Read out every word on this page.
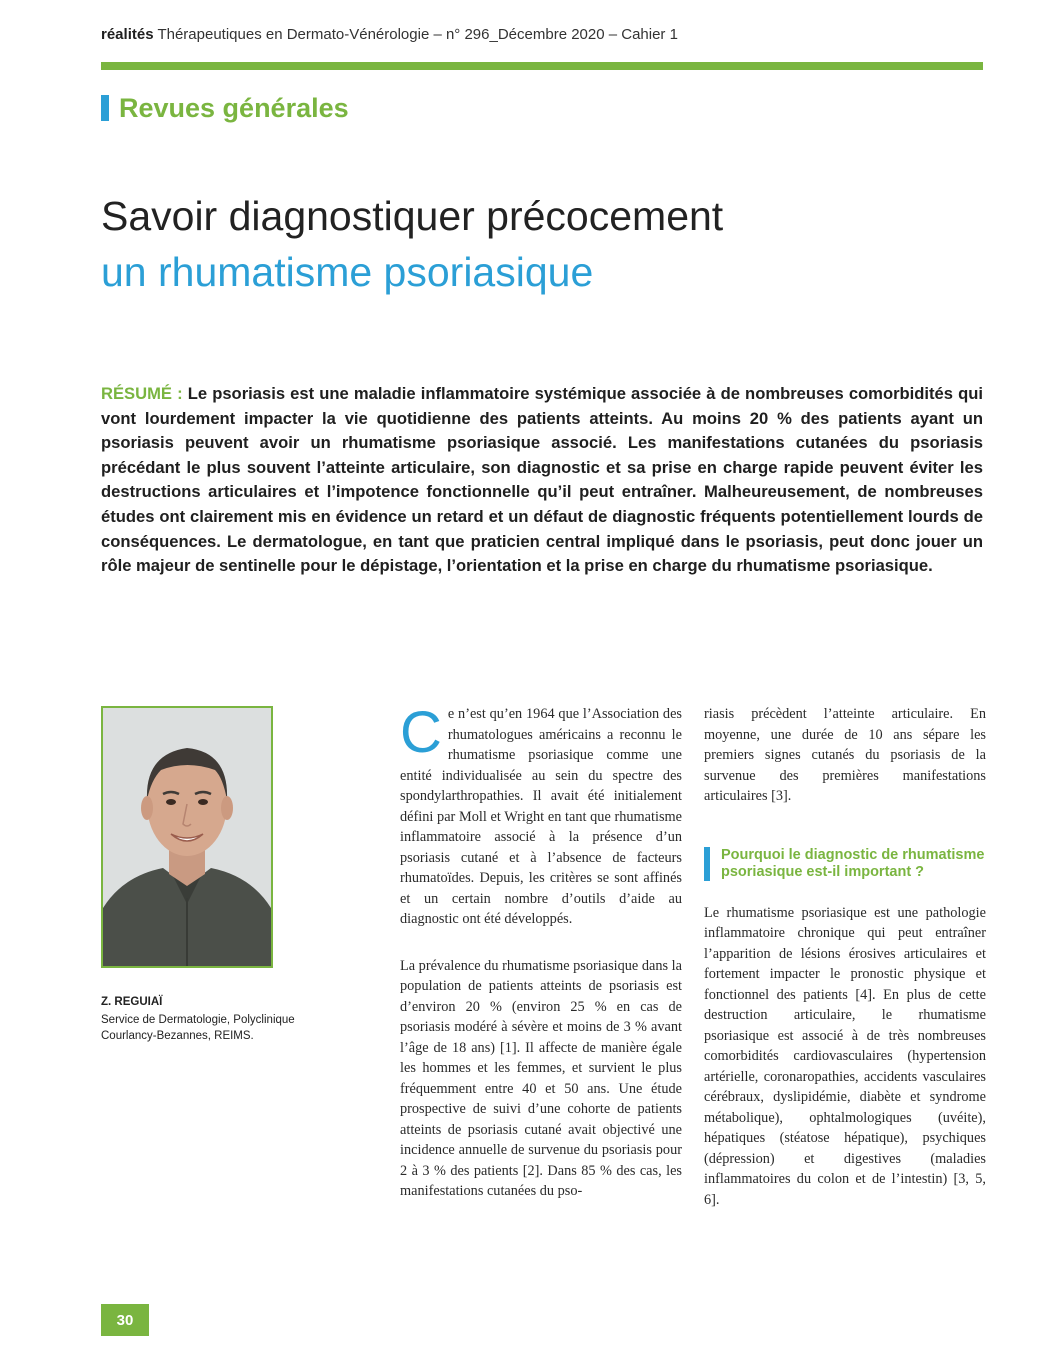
réalités Thérapeutiques en Dermato-Vénérologie – n° 296_Décembre 2020 – Cahier 1
Revues générales
Savoir diagnostiquer précocement
un rhumatisme psoriasique
RÉSUMÉ : Le psoriasis est une maladie inflammatoire systémique associée à de nombreuses comorbidités qui vont lourdement impacter la vie quotidienne des patients atteints. Au moins 20 % des patients ayant un psoriasis peuvent avoir un rhumatisme psoriasique associé. Les manifestations cutanées du psoriasis précédant le plus souvent l’atteinte articulaire, son diagnostic et sa prise en charge rapide peuvent éviter les destructions articulaires et l’impotence fonctionnelle qu’il peut entraîner. Malheureusement, de nombreuses études ont clairement mis en évidence un retard et un défaut de diagnostic fréquents potentiellement lourds de conséquences. Le dermatologue, en tant que praticien central impliqué dans le psoriasis, peut donc jouer un rôle majeur de sentinelle pour le dépistage, l’orientation et la prise en charge du rhumatisme psoriasique.
Z. REGUIAÏ
Service de Dermatologie, Polyclinique Courlancy-Bezannes, REIMS.

Ce n’est qu’en 1964 que l’Association des rhumatologues américains a reconnu le rhumatisme psoriasique comme une entité individualisée au sein du spectre des spondylarthropathies. Il avait été initialement défini par Moll et Wright en tant que rhumatisme inflammatoire associé à la présence d’un psoriasis cutané et à l’absence de facteurs rhumatoïdes. Depuis, les critères se sont affinés et un certain nombre d’outils d’aide au diagnostic ont été développés.

La prévalence du rhumatisme psoriasique dans la population de patients atteints de psoriasis est d’environ 20 % (environ 25 % en cas de psoriasis modéré à sévère et moins de 3 % avant l’âge de 18 ans) [1]. Il affecte de manière égale les hommes et les femmes, et survient le plus fréquemment entre 40 et 50 ans. Une étude prospective de suivi d’une cohorte de patients atteints de psoriasis cutané avait objectivé une incidence annuelle de survenue du psoriasis pour 2 à 3 % des patients [2]. Dans 85 % des cas, les manifestations cutanées du pso-

riasis précèdent l’atteinte articulaire. En moyenne, une durée de 10 ans sépare les premiers signes cutanés du psoriasis de la survenue des premières manifestations articulaires [3].

Pourquoi le diagnostic de rhumatisme psoriasique est-il important ?

Le rhumatisme psoriasique est une pathologie inflammatoire chronique qui peut entraîner l’apparition de lésions érosives articulaires et fortement impacter le pronostic physique et fonctionnel des patients [4]. En plus de cette destruction articulaire, le rhumatisme psoriasique est associé à de très nombreuses comorbidités cardiovasculaires (hypertension artérielle, coronaropathies, accidents vasculaires cérébraux, dyslipidémie, diabète et syndrome métabolique), ophtalmologiques (uvéite), hépatiques (stéatose hépatique), psychiques (dépression) et digestives (maladies inflammatoires du colon et de l’intestin) [3, 5, 6].

30
